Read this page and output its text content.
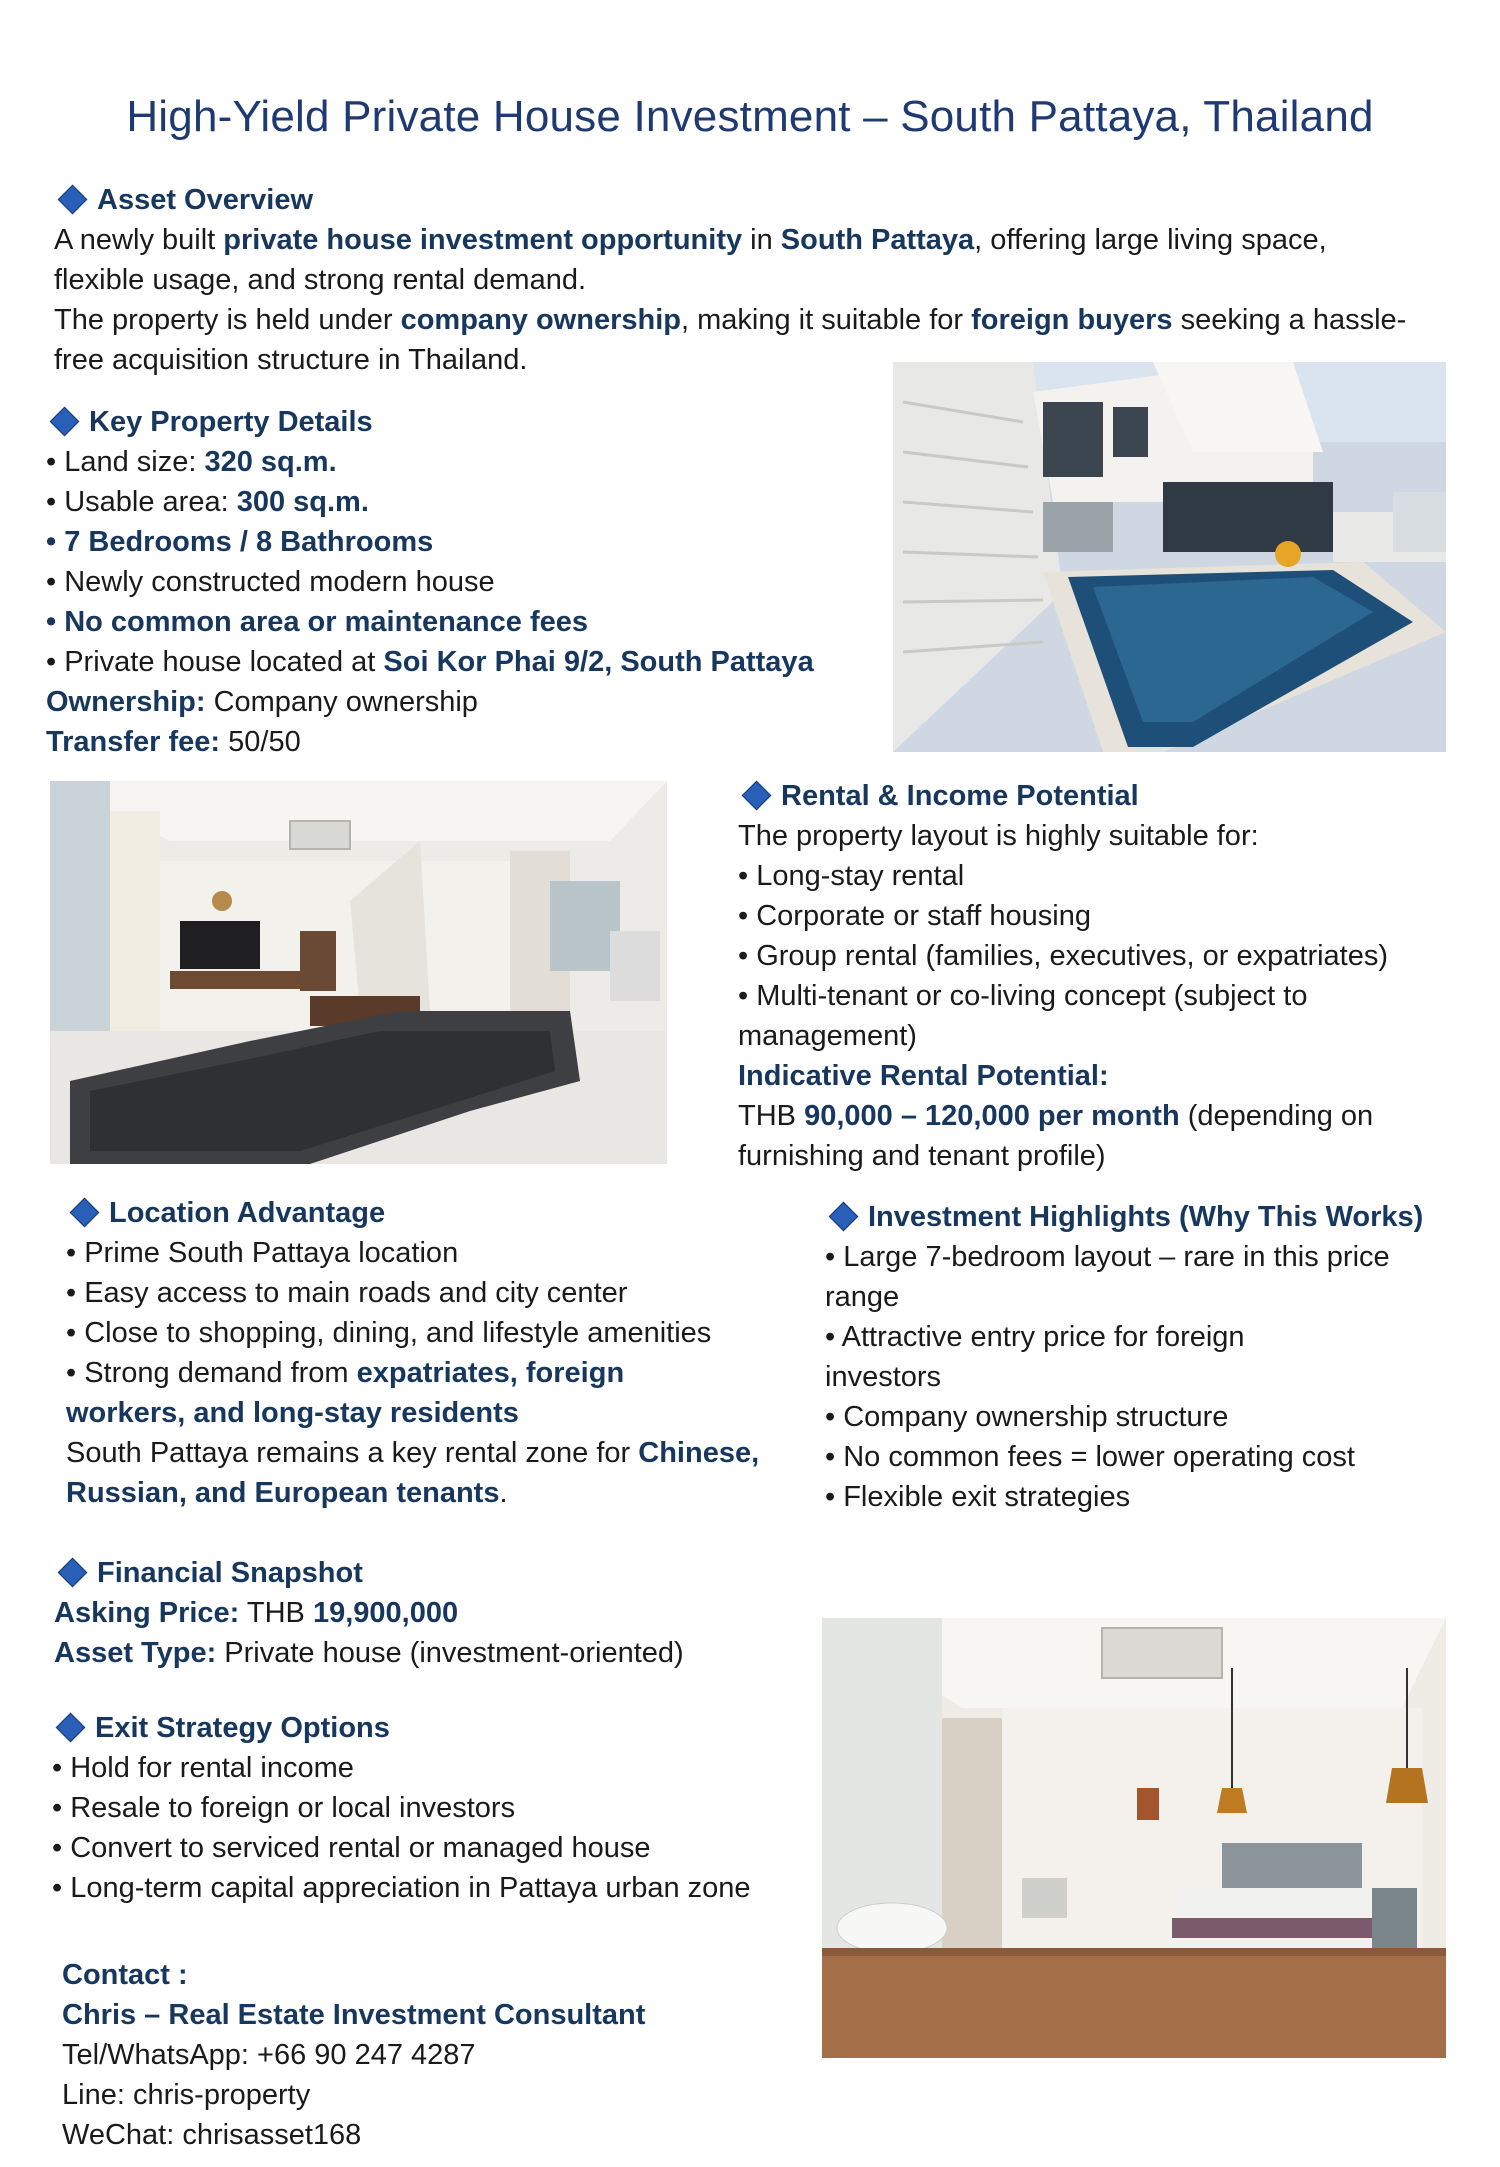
High-Yield Private House Investment – South Pattaya, Thailand

Asset Overview

A newly built private house investment opportunity in South Pattaya, offering large living space, flexible usage, and strong rental demand.

The property is held under company ownership, making it suitable for foreign buyers seeking a hassle-free acquisition structure in Thailand.

Key Property Details

• Land size: 320 sq.m.

• Usable area: 300 sq.m.

• 7 Bedrooms / 8 Bathrooms

• Newly constructed modern house

• No common area or maintenance fees

• Private house located at Soi Kor Phai 9/2, South Pattaya

Ownership: Company ownership

Transfer fee: 50/50

Rental & Income Potential

The property layout is highly suitable for:

• Long-stay rental

• Corporate or staff housing

• Group rental (families, executives, or expatriates)

• Multi-tenant or co-living concept (subject to management)

Indicative Rental Potential:

THB 90,000 – 120,000 per month (depending on furnishing and tenant profile)

Location Advantage

• Prime South Pattaya location

• Easy access to main roads and city center

• Close to shopping, dining, and lifestyle amenities

• Strong demand from expatriates, foreign workers, and long-stay residents

South Pattaya remains a key rental zone for Chinese, Russian, and European tenants.

Investment Highlights (Why This Works)

• Large 7-bedroom layout – rare in this price range

• Attractive entry price for foreign investors

• Company ownership structure

• No common fees = lower operating cost

• Flexible exit strategies

Financial Snapshot

Asking Price: THB 19,900,000

Asset Type: Private house (investment-oriented)

Exit Strategy Options

• Hold for rental income

• Resale to foreign or local investors

• Convert to serviced rental or managed house

• Long-term capital appreciation in Pattaya urban zone

Contact :

Chris – Real Estate Investment Consultant

Tel/WhatsApp: +66 90 247 4287

Line: chris-property

WeChat: chrisasset168
